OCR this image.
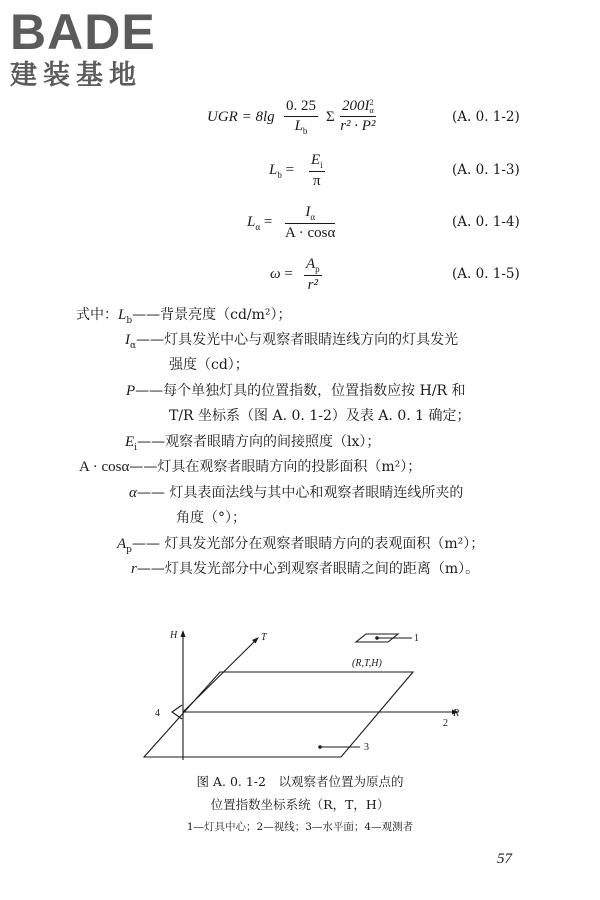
BADE
建装基地
UGR = $8\lg \frac{0. 25}{L_b}$ Σ 200I 2
α
r² · P²	(A. 0. 1-2)
$L_b = \frac{E_i}{\pi}$	(A. 0. 1-3)
$L_\alpha = \frac{I_\alpha}{A \cdot \cos\alpha}$	(A. 0. 1-4)
$\omega = \frac{A_p}{\text{r²}}$	(A. 0. 1-5)
式中：$L_b——$背景亮度（cd/m²）；
$I_\alpha——$灯具发光中心与观察者眼睛连线方向的灯具发光
强度（cd）；
P——每个单独灯具的位置指数，位置指数应按 H/R 和
T/R 坐标系（图 A. 0. 1-2）及表 A. 0. 1 确定；
$E_i——$观察者眼睛方向的间接照度（lx）；
A · cosα——灯具在观察者眼睛方向的投影面积（m²）；
α—— 灯具表面法线与其中心和观察者眼睛连线所夹的
角度（°）；
$A_p——$ 灯具发光部分在观察者眼睛方向的表观面积（m²）；
r——灯具发光部分中心到观察者眼睛之间的距离（m）。
H	T
R
(R,T,H)
1
2
3
4
图 A. 0. 1-2　以观察者位置为原点的
位置指数坐标系统（R，T，H）
1—灯具中心；2—视线；3—水平面；4—观测者
57
